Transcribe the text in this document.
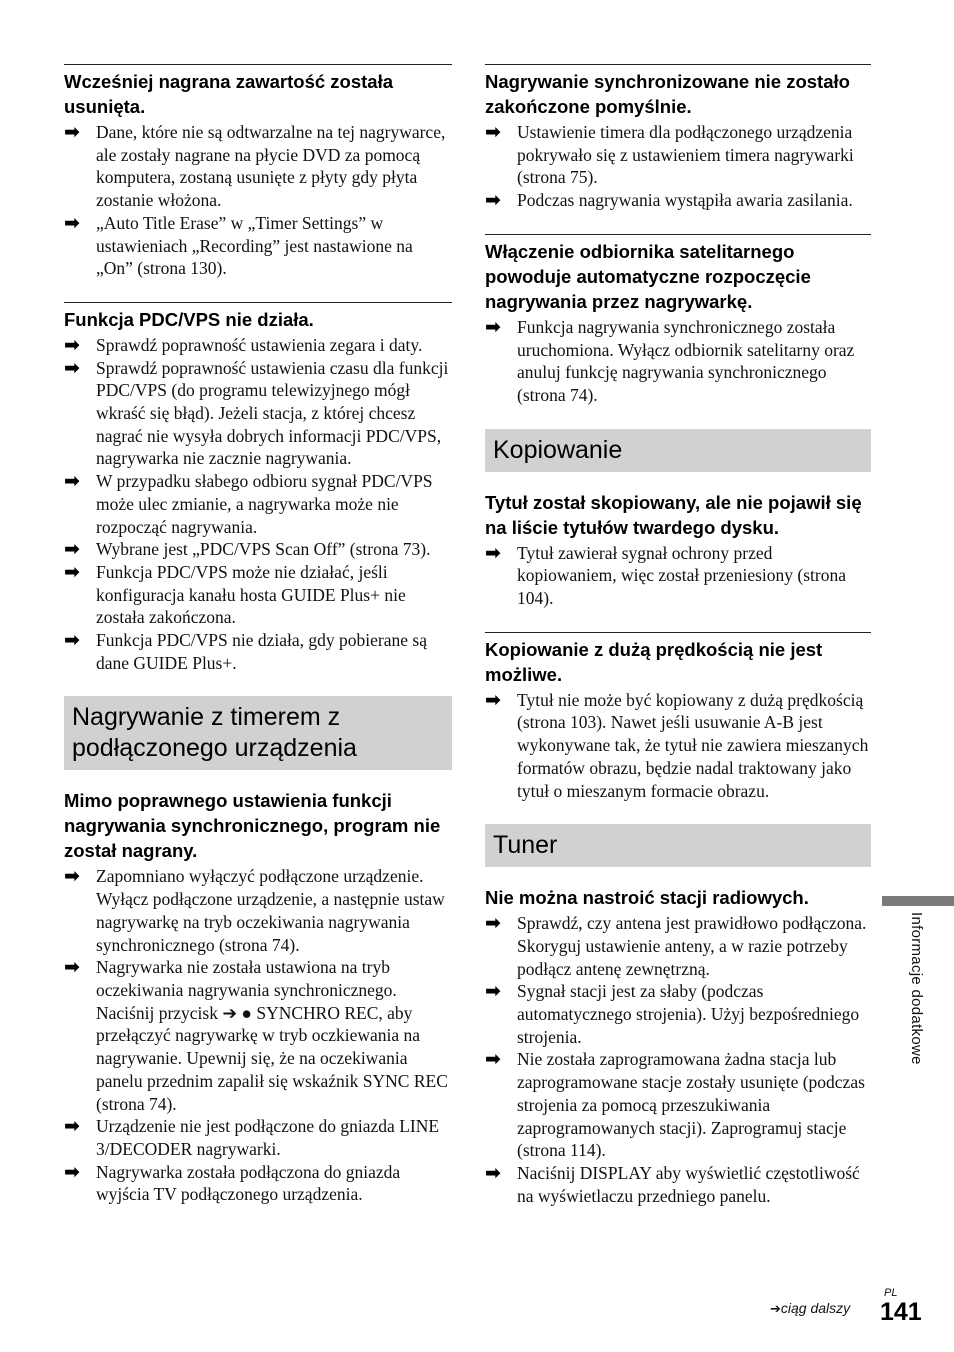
Wcześniej nagrana zawartość została usunięta.

➡ Dane, które nie są odtwarzalne na tej nagrywarce, ale zostały nagrane na płycie DVD za pomocą komputera, zostaną usunięte z płyty gdy płyta zostanie włożona.
➡ „Auto Title Erase” w „Timer Settings” w ustawieniach „Recording” jest nastawione na „On” (strona 130).

Funkcja PDC/VPS nie działa.

➡ Sprawdź poprawność ustawienia zegara i daty.
➡ Sprawdź poprawność ustawienia czasu dla funkcji PDC/VPS (do programu telewizyjnego mógł wkraść się błąd). Jeżeli stacja, z której chcesz nagrać nie wysyła dobrych informacji PDC/VPS, nagrywarka nie zacznie nagrywania.
➡ W przypadku słabego odbioru sygnał PDC/VPS może ulec zmianie, a nagrywarka może nie rozpocząć nagrywania.
➡ Wybrane jest „PDC/VPS Scan Off” (strona 73).
➡ Funkcja PDC/VPS może nie działać, jeśli konfiguracja kanału hosta GUIDE Plus+ nie została zakończona.
➡ Funkcja PDC/VPS nie działa, gdy pobierane są dane GUIDE Plus+.
Nagrywanie z timerem z podłączonego urządzenia

Mimo poprawnego ustawienia funkcji nagrywania synchronicznego, program nie został nagrany.

➡ Zapomniano wyłączyć podłączone urządzenie. Wyłącz podłączone urządzenie, a następnie ustaw nagrywarkę na tryb oczekiwania nagrywania synchronicznego (strona 74).
➡ Nagrywarka nie została ustawiona na tryb oczekiwania nagrywania synchronicznego. Naciśnij przycisk ➔ ● SYNCHRO REC, aby przełączyć nagrywarkę w tryb oczkiewania na nagrywanie. Upewnij się, że na oczekiwania panelu przednim zapalił się wskaźnik SYNC REC (strona 74).
➡ Urządzenie nie jest podłączone do gniazda LINE 3/DECODER nagrywarki.
➡ Nagrywarka została podłączona do gniazda wyjścia TV podłączonego urządzenia.

Nagrywanie synchronizowane nie zostało zakończone pomyślnie.

➡ Ustawienie timera dla podłączonego urządzenia pokrywało się z ustawieniem timera nagrywarki (strona 75).
➡ Podczas nagrywania wystąpiła awaria zasilania.

Włączenie odbiornika satelitarnego powoduje automatyczne rozpoczęcie nagrywania przez nagrywarkę.

➡ Funkcja nagrywania synchronicznego została uruchomiona. Wyłącz odbiornik satelitarny oraz anuluj funkcję nagrywania synchronicznego (strona 74).
Kopiowanie

Tytuł został skopiowany, ale nie pojawił się na liście tytułów twardego dysku.

➡ Tytuł zawierał sygnał ochrony przed kopiowaniem, więc został przeniesiony (strona 104).

Kopiowanie z dużą prędkością nie jest możliwe.

➡ Tytuł nie może być kopiowany z dużą prędkością (strona 103). Nawet jeśli usuwanie A-B jest wykonywane tak, że tytuł nie zawiera mieszanych formatów obrazu, będzie nadal traktowany jako tytuł o mieszanym formacie obrazu.
Tuner

Nie można nastroić stacji radiowych.

➡ Sprawdź, czy antena jest prawidłowo podłączona. Skoryguj ustawienie anteny, a w razie potrzeby podłącz antenę zewnętrzną.
➡ Sygnał stacji jest za słaby (podczas automatycznego strojenia). Użyj bezpośredniego strojenia.
➡ Nie została zaprogramowana żadna stacja lub zaprogramowane stacje zostały usunięte (podczas strojenia za pomocą przeszukiwania zaprogramowanych stacji). Zaprogramuj stacje (strona 114).
➡ Naciśnij DISPLAY aby wyświetlić częstotliwość na wyświetlaczu przedniego panelu.
Informacje dodatkowe
➔ciąg dalszy
PL
141
